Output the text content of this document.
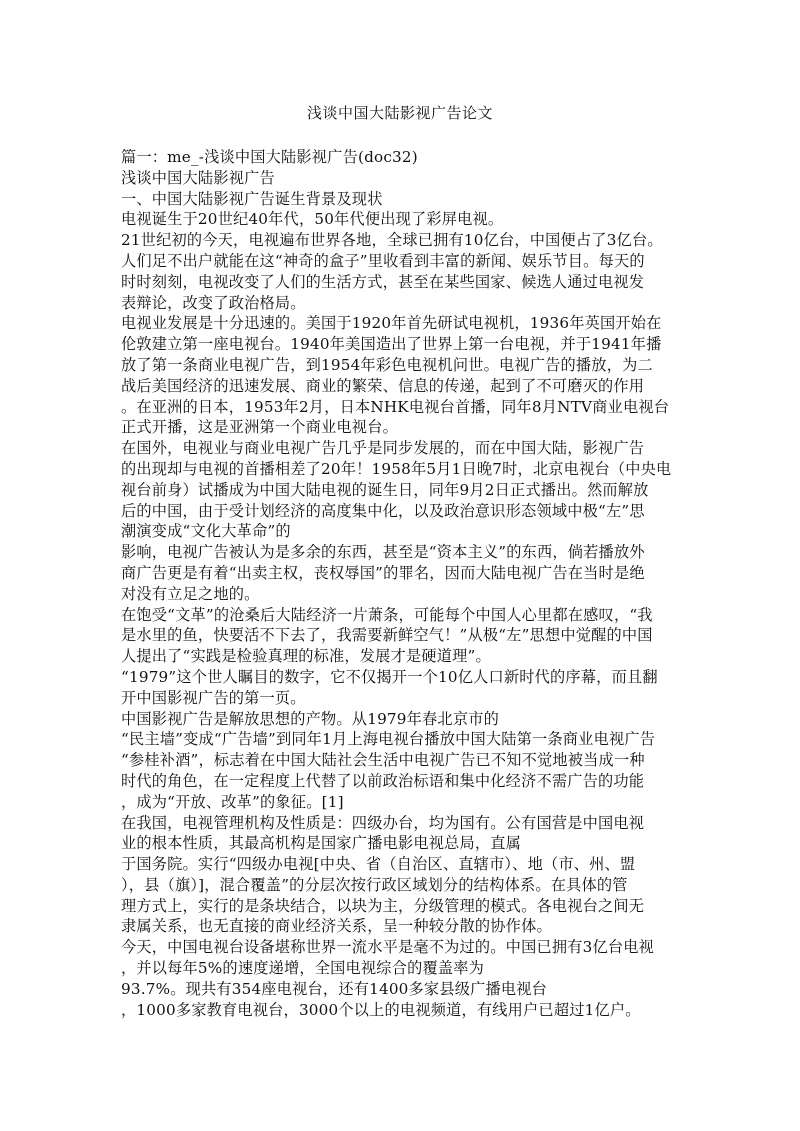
浅谈中国大陆影视广告论文
篇一：me_-浅谈中国大陆影视广告(doc32)
浅谈中国大陆影视广告
一、中国大陆影视广告诞生背景及现状
电视诞生于20世纪40年代，50年代便出现了彩屏电视。
21世纪初的今天，电视遍布世界各地，全球已拥有10亿台，中国便占了3亿台。
人们足不出户就能在这“神奇的盒子”里收看到丰富的新闻、娱乐节目。每天的
时时刻刻，电视改变了人们的生活方式，甚至在某些国家、候选人通过电视发
表辩论，改变了政治格局。
电视业发展是十分迅速的。美国于1920年首先研试电视机，1936年英国开始在
伦敦建立第一座电视台。1940年美国造出了世界上第一台电视，并于1941年播
放了第一条商业电视广告，到1954年彩色电视机问世。电视广告的播放，为二
战后美国经济的迅速发展、商业的繁荣、信息的传递，起到了不可磨灭的作用
。在亚洲的日本，1953年2月，日本NHK电视台首播，同年8月NTV商业电视台
正式开播，这是亚洲第一个商业电视台。
在国外，电视业与商业电视广告几乎是同步发展的，而在中国大陆，影视广告
的出现却与电视的首播相差了20年！1958年5月1日晚7时，北京电视台（中央电
视台前身）试播成为中国大陆电视的诞生日，同年9月2日正式播出。然而解放
后的中国，由于受计划经济的高度集中化，以及政治意识形态领域中极“左”思
潮演变成“文化大革命”的
影响，电视广告被认为是多余的东西，甚至是“资本主义”的东西，倘若播放外
商广告更是有着“出卖主权，丧权辱国”的罪名，因而大陆电视广告在当时是绝
对没有立足之地的。
在饱受“文革”的沧桑后大陆经济一片萧条，可能每个中国人心里都在感叹，“我
是水里的鱼，快要活不下去了，我需要新鲜空气！”从极“左”思想中觉醒的中国
人提出了“实践是检验真理的标准，发展才是硬道理”。
“1979”这个世人瞩目的数字，它不仅揭开一个10亿人口新时代的序幕，而且翻
开中国影视广告的第一页。
中国影视广告是解放思想的产物。从1979年春北京市的
“民主墙”变成“广告墙”到同年1月上海电视台播放中国大陆第一条商业电视广告
“参桂补酒”，标志着在中国大陆社会生活中电视广告已不知不觉地被当成一种
时代的角色，在一定程度上代替了以前政治标语和集中化经济不需广告的功能
，成为“开放、改革”的象征。[1]
在我国，电视管理机构及性质是：四级办台，均为国有。公有国营是中国电视
业的根本性质，其最高机构是国家广播电影电视总局，直属
于国务院。实行“四级办电视[中央、省（自治区、直辖市）、地（市、州、盟
），县（旗）]，混合覆盖”的分层次按行政区域划分的结构体系。在具体的管
理方式上，实行的是条块结合，以块为主，分级管理的模式。各电视台之间无
隶属关系，也无直接的商业经济关系，呈一种较分散的协作体。
今天，中国电视台设备堪称世界一流水平是毫不为过的。中国已拥有3亿台电视
，并以每年5%的速度递增，全国电视综合的覆盖率为
93.7%。现共有354座电视台，还有1400多家县级广播电视台
，1000多家教育电视台，3000个以上的电视频道，有线用户已超过1亿户。
